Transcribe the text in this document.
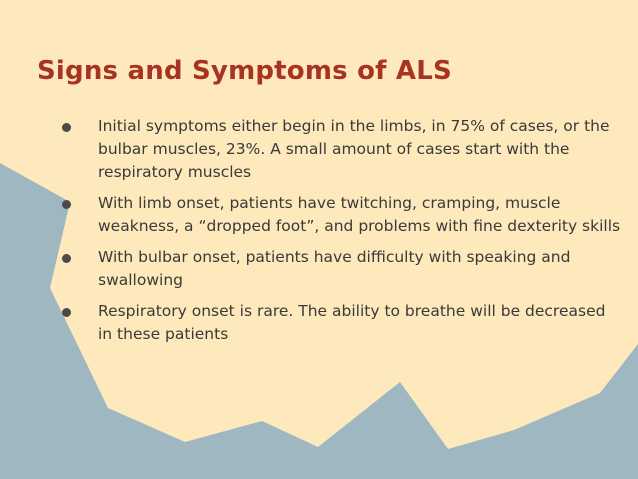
Signs and Symptoms of ALS
Initial symptoms either begin in the limbs, in 75% of cases, or the bulbar muscles, 23%. A small amount of cases start with the respiratory muscles
With limb onset, patients have twitching, cramping, muscle weakness, a “dropped foot”, and problems with fine dexterity skills
With bulbar onset, patients have difficulty with speaking and swallowing
Respiratory onset is rare. The ability to breathe will be decreased in these patients
